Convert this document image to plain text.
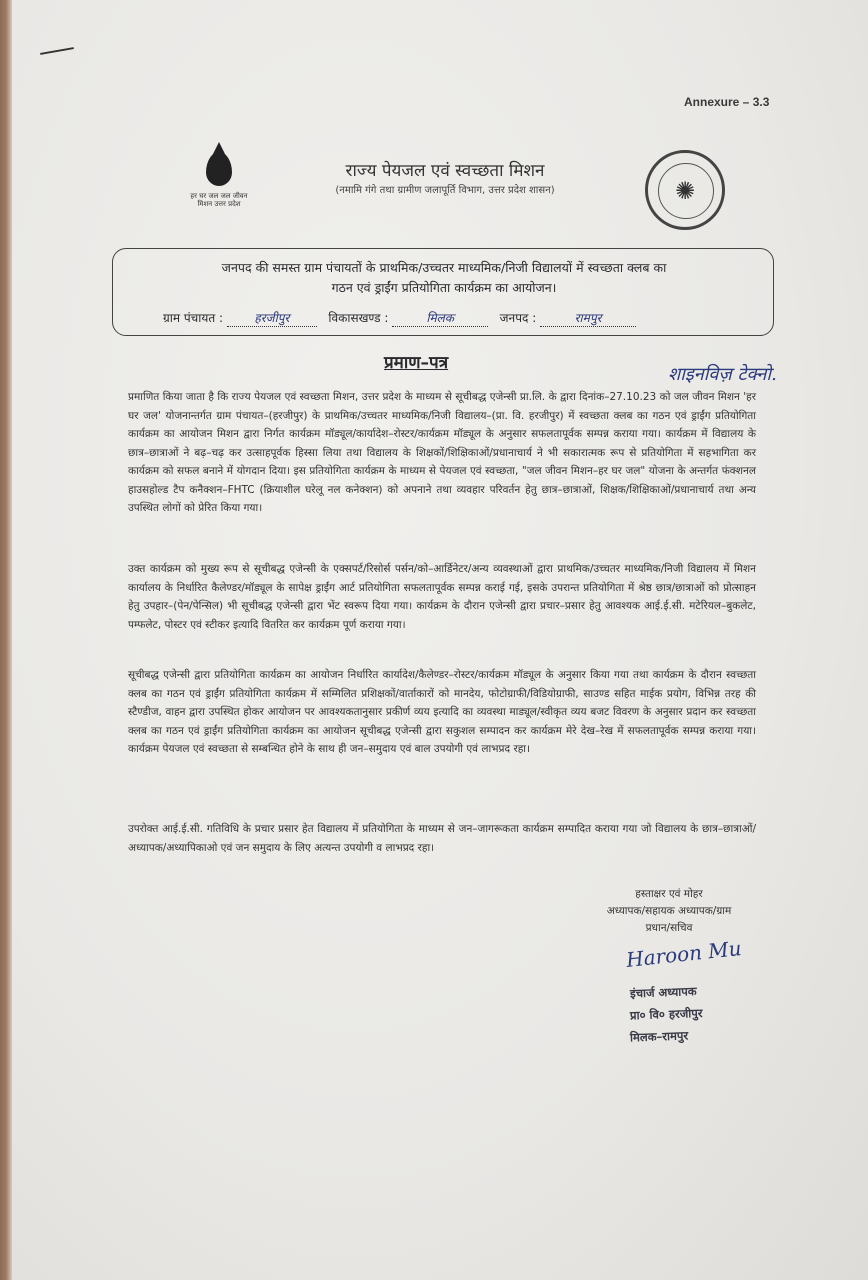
Annexure – 3.3
हर घर जल जल जीवन मिशन उत्तर प्रदेश
राज्य पेयजल एवं स्वच्छता मिशन
(नमामि गंगे तथा ग्रामीण जलापूर्ति विभाग, उत्तर प्रदेश शासन)	✺
जनपद की समस्त ग्राम पंचायतों के प्राथमिक/उच्चतर माध्यमिक/निजी विद्यालयों में स्वच्छता क्लब का
गठन एवं ड्राईंग प्रतियोगिता कार्यक्रम का आयोजन।
ग्राम पंचायत :	हरजीपुर	विकासखण्ड :	मिलक	जनपद :	रामपुर
प्रमाण–पत्र
शाइनविज़ टेक्नो.

प्रमाणित किया जाता है कि राज्य पेयजल एवं स्वच्छता मिशन, उत्तर प्रदेश के माध्यम से सूचीबद्ध एजेन्सी प्रा.लि. के द्वारा दिनांक–27.10.23 को जल जीवन मिशन 'हर घर जल' योजनान्तर्गत ग्राम पंचायत–(हरजीपुर) के प्राथमिक/उच्चतर माध्यमिक/निजी विद्यालय–(प्रा. वि. हरजीपुर) में स्वच्छता क्लब का गठन एवं ड्राईंग प्रतियोगिता कार्यक्रम का आयोजन मिशन द्वारा निर्गत कार्यक्रम मॉड्यूल/कार्यादेश–रोस्टर/कार्यक्रम मॉड्यूल के अनुसार सफलतापूर्वक सम्पन्न कराया गया। कार्यक्रम में विद्यालय के छात्र–छात्राओं ने बढ़–चढ़ कर उत्साहपूर्वक हिस्सा लिया तथा विद्यालय के शिक्षकों/शिक्षिकाओं/प्रधानाचार्य ने भी सकारात्मक रूप से प्रतियोगिता में सहभागिता कर कार्यक्रम को सफल बनाने में योगदान दिया। इस प्रतियोगिता कार्यक्रम के माध्यम से पेयजल एवं स्वच्छता, "जल जीवन मिशन–हर घर जल" योजना के अन्तर्गत फंक्शनल हाउसहोल्ड टैप कनैक्शन–FHTC (क्रियाशील घरेलू नल कनेक्शन) को अपनाने तथा व्यवहार परिवर्तन हेतु छात्र–छात्राओं, शिक्षक/शिक्षिकाओं/प्रधानाचार्य तथा अन्य उपस्थित लोगों को प्रेरित किया गया।

उक्त कार्यक्रम को मुख्य रूप से सूचीबद्ध एजेन्सी के एक्सपर्ट/रिसोर्स पर्सन/को–आर्डिनेटर/अन्य व्यवस्थाओं द्वारा प्राथमिक/उच्चतर माध्यमिक/निजी विद्यालय में मिशन कार्यालय के निर्धारित कैलेण्डर/मॉड्यूल के सापेक्ष ड्राईंग आर्ट प्रतियोगिता सफलतापूर्वक सम्पन्न कराई गई, इसके उपरान्त प्रतियोगिता में श्रेष्ठ छात्र/छात्राओं को प्रोत्साहन हेतु उपहार–(पेन/पेन्सिल) भी सूचीबद्ध एजेन्सी द्वारा भेंट स्वरूप दिया गया। कार्यक्रम के दौरान एजेन्सी द्वारा प्रचार–प्रसार हेतु आवश्यक आई.ई.सी. मटेरियल–बुकलेट, पम्फलेट, पोस्टर एवं स्टीकर इत्यादि वितरित कर कार्यक्रम पूर्ण कराया गया।

सूचीबद्ध एजेन्सी द्वारा प्रतियोगिता कार्यक्रम का आयोजन निर्धारित कार्यादेश/कैलेण्डर–रोस्टर/कार्यक्रम मॉड्यूल के अनुसार किया गया तथा कार्यक्रम के दौरान स्वच्छता क्लब का गठन एवं ड्राईंग प्रतियोगिता कार्यक्रम में सम्मिलित प्रशिक्षकों/वार्ताकारों को मानदेय, फोटोग्राफी/विडियोग्राफी, साउण्ड सहित माईक प्रयोग, विभिन्न तरह की स्टैण्डीज, वाहन द्वारा उपस्थित होकर आयोजन पर आवश्यकतानुसार प्रकीर्ण व्यय इत्यादि का व्यवस्था माड्यूल/स्वीकृत व्यय बजट विवरण के अनुसार प्रदान कर स्वच्छता क्लब का गठन एवं ड्राईंग प्रतियोगिता कार्यक्रम का आयोजन सूचीबद्ध एजेन्सी द्वारा सकुशल सम्पादन कर कार्यक्रम मेरे देख–रेख में सफलतापूर्वक सम्पन्न कराया गया। कार्यक्रम पेयजल एवं स्वच्छता से सम्बन्धित होने के साथ ही जन–समुदाय एवं बाल उपयोगी एवं लाभप्रद रहा।

उपरोक्त आई.ई.सी. गतिविधि के प्रचार प्रसार हेत विद्यालय में प्रतियोगिता के माध्यम से जन–जागरूकता कार्यक्रम सम्पादित कराया गया जो विद्यालय के छात्र–छात्राओं/अध्यापक/अध्यापिकाओ एवं जन समुदाय के लिए अत्यन्त उपयोगी व लाभप्रद रहा।

हस्ताक्षर एवं मोहर
अध्यापक/सहायक अध्यापक/ग्राम
प्रधान/सचिव
Haroon Mu
इंचार्ज अध्यापक
प्रा० वि० हरजीपुर
मिलक–रामपुर
